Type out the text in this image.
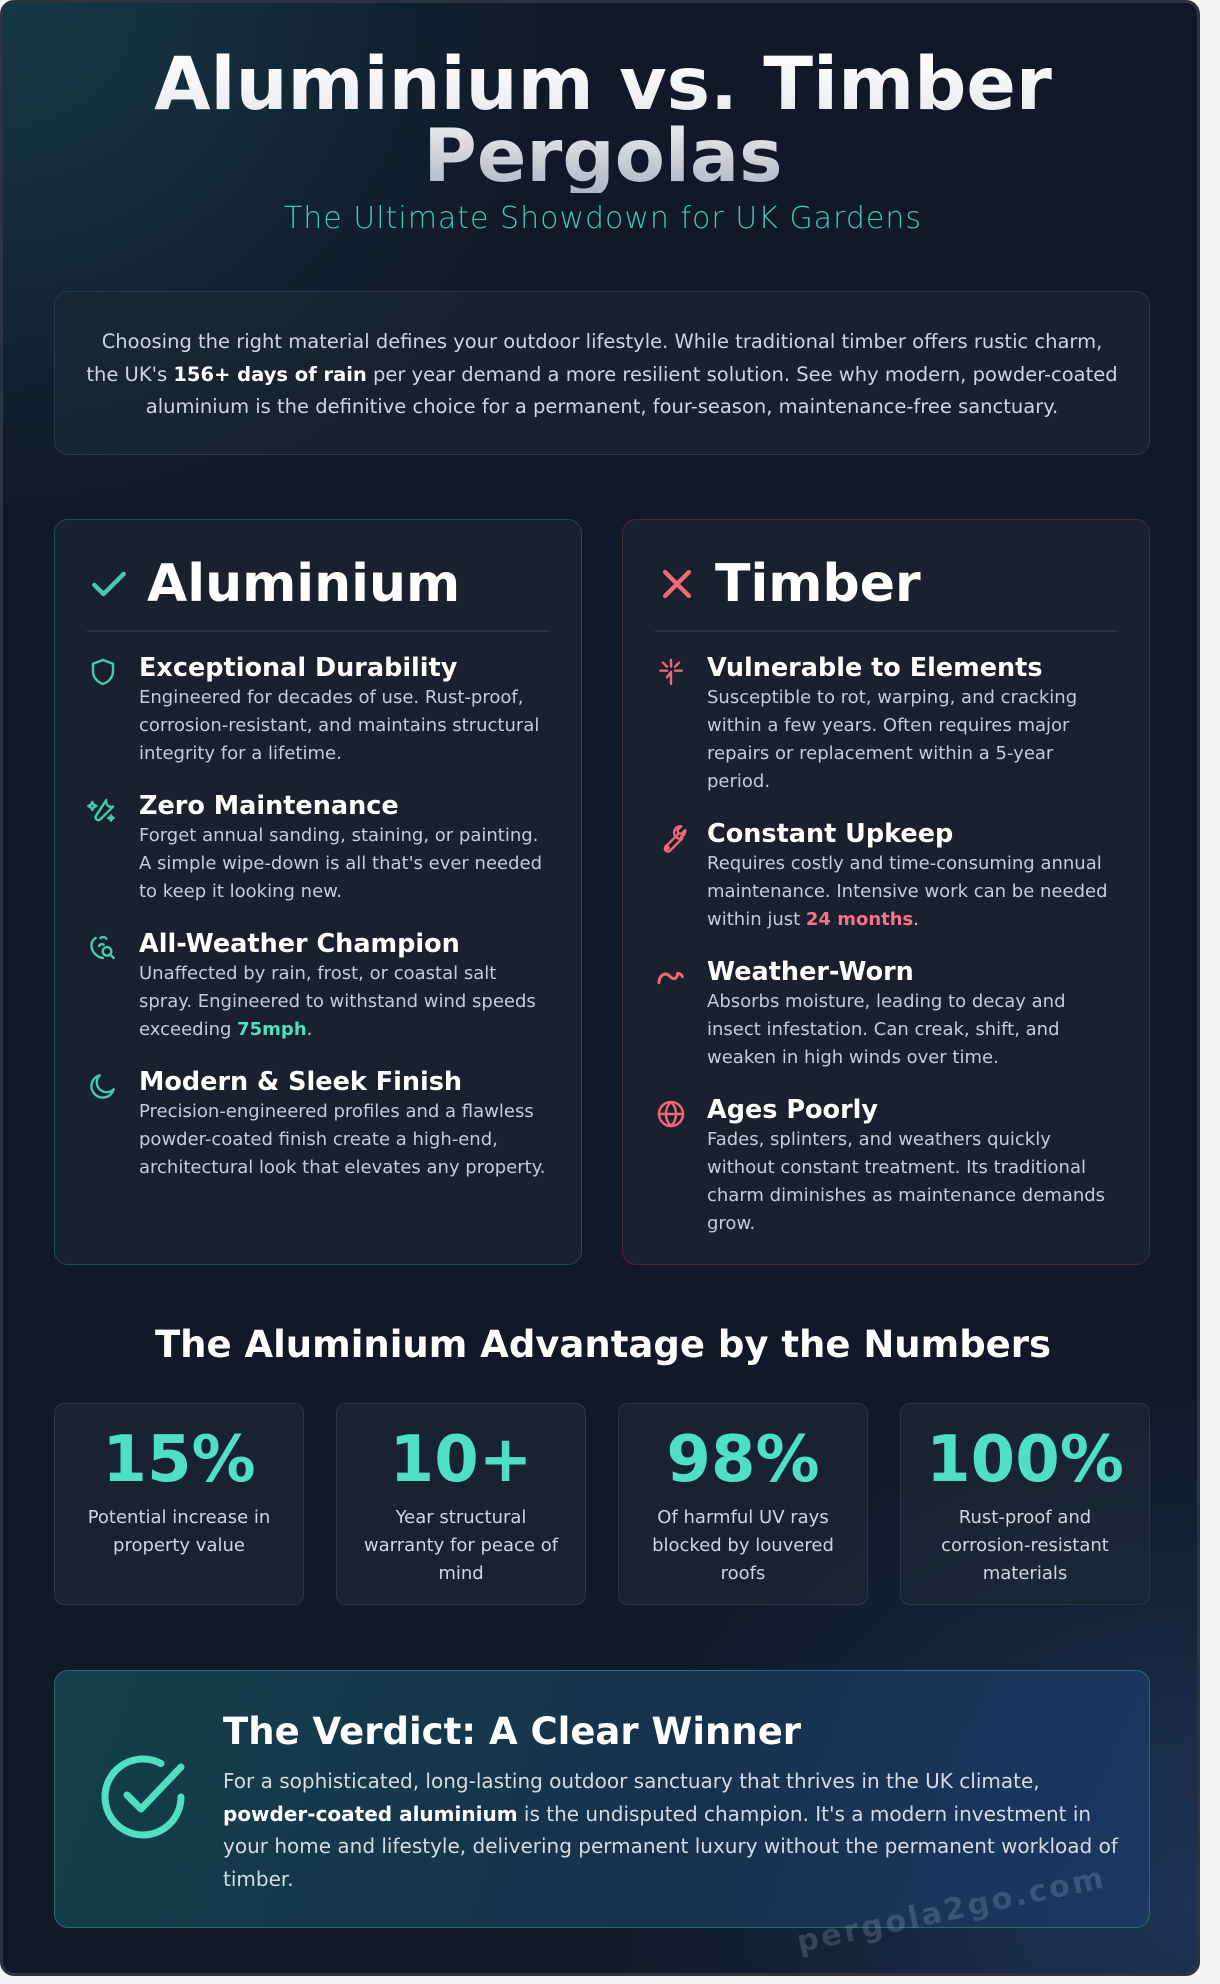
Aluminium vs. Timber Pergolas

The Ultimate Showdown for UK Gardens

Choosing the right material defines your outdoor lifestyle. While traditional timber offers rustic charm, the UK's 156+ days of rain per year demand a more resilient solution. See why modern, powder-coated aluminium is the definitive choice for a permanent, four-season, maintenance-free sanctuary.
Aluminium
Exceptional Durability
Engineered for decades of use. Rust-proof, corrosion-resistant, and maintains structural integrity for a lifetime.
Zero Maintenance
Forget annual sanding, staining, or painting. A simple wipe-down is all that's ever needed to keep it looking new.
All-Weather Champion
Unaffected by rain, frost, or coastal salt spray. Engineered to withstand wind speeds exceeding 75mph.
Modern & Sleek Finish
Precision-engineered profiles and a flawless powder-coated finish create a high-end, architectural look that elevates any property.
Timber
Vulnerable to Elements
Susceptible to rot, warping, and cracking within a few years. Often requires major repairs or replacement within a 5-year period.
Constant Upkeep
Requires costly and time-consuming annual maintenance. Intensive work can be needed within just 24 months.
Weather-Worn
Absorbs moisture, leading to decay and insect infestation. Can creak, shift, and weaken in high winds over time.
Ages Poorly
Fades, splinters, and weathers quickly without constant treatment. Its traditional charm diminishes as maintenance demands grow.
The Aluminium Advantage by the Numbers
15%
Potential increase in property value
10+
Year structural warranty for peace of mind
98%
Of harmful UV rays blocked by louvered roofs
100%
Rust-proof and corrosion-resistant materials
The Verdict: A Clear Winner

For a sophisticated, long-lasting outdoor sanctuary that thrives in the UK climate, powder-coated aluminium is the undisputed champion. It's a modern investment in your home and lifestyle, delivering permanent luxury without the permanent workload of timber.	pergola2go.com
